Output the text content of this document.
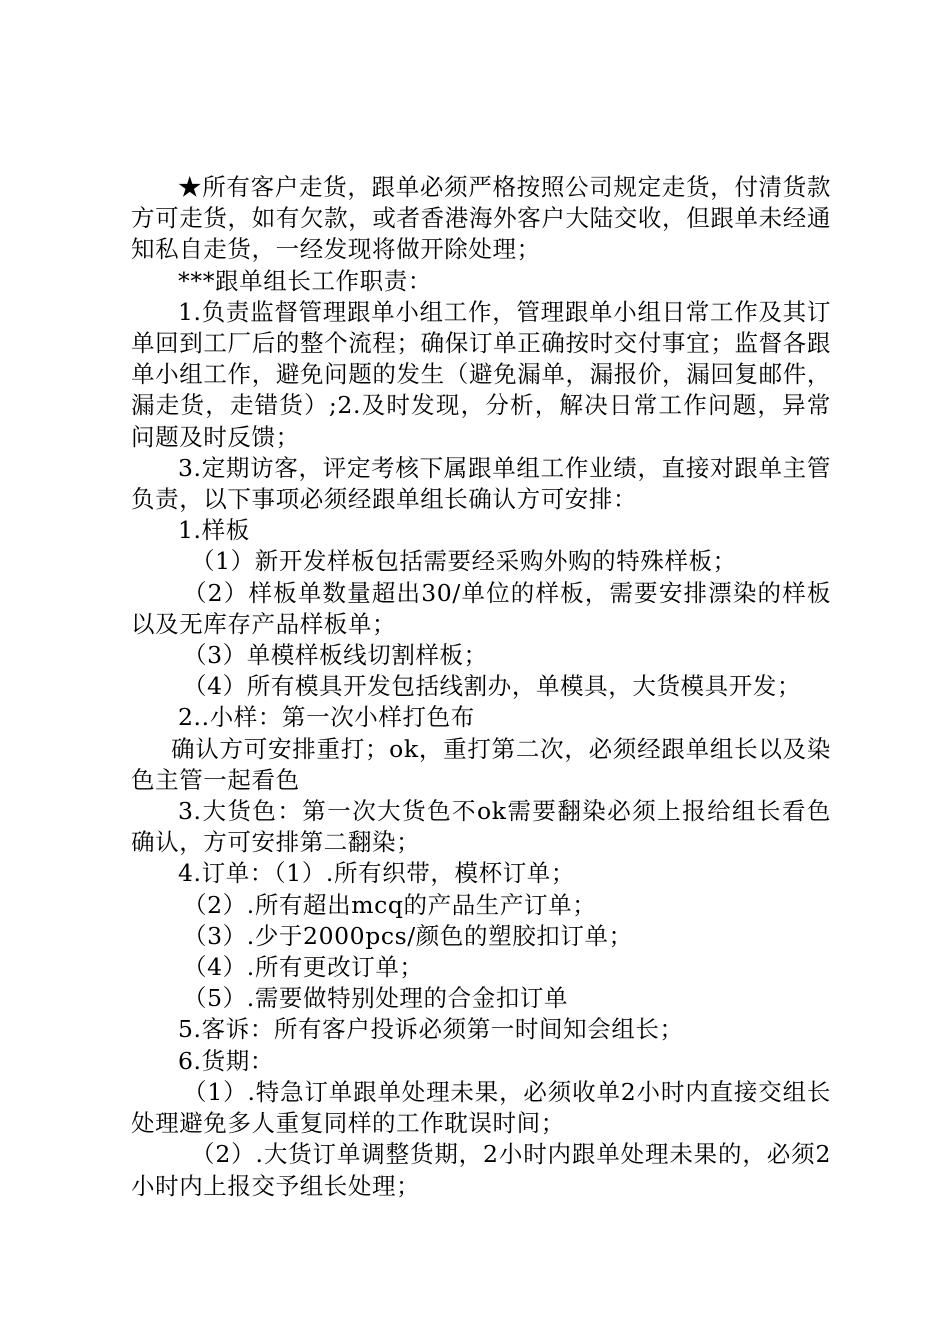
★所有客户走货，跟单必须严格按照公司规定走货，付清货款方可走货，如有欠款，或者香港海外客户大陆交收，但跟单未经通知私自走货，一经发现将做开除处理；

***跟单组长工作职责：

1.负责监督管理跟单小组工作，管理跟单小组日常工作及其订单回到工厂后的整个流程；确保订单正确按时交付事宜；监督各跟单小组工作，避免问题的发生（避免漏单，漏报价，漏回复邮件，漏走货，走错货）;2.及时发现，分析，解决日常工作问题，异常问题及时反馈；

3.定期访客，评定考核下属跟单组工作业绩，直接对跟单主管负责，以下事项必须经跟单组长确认方可安排：

1.样板

（1）新开发样板包括需要经采购外购的特殊样板；

（2）样板单数量超出30/单位的样板，需要安排漂染的样板以及无库存产品样板单；

（3）单模样板线切割样板；

（4）所有模具开发包括线割办，单模具，大货模具开发；

2..小样：第一次小样打色布

确认方可安排重打；ok，重打第二次，必须经跟单组长以及染色主管一起看色

3.大货色：第一次大货色不ok需要翻染必须上报给组长看色确认，方可安排第二翻染；

4.订单：（1）.所有织带，模杯订单；

（2）.所有超出mcq的产品生产订单；

（3）.少于2000pcs/颜色的塑胶扣订单；

（4）.所有更改订单；

（5）.需要做特别处理的合金扣订单

5.客诉：所有客户投诉必须第一时间知会组长；

6.货期：

（1）.特急订单跟单处理未果，必须收单2小时内直接交组长处理避免多人重复同样的工作耽误时间；

（2）.大货订单调整货期，2小时内跟单处理未果的，必须2小时内上报交予组长处理；
